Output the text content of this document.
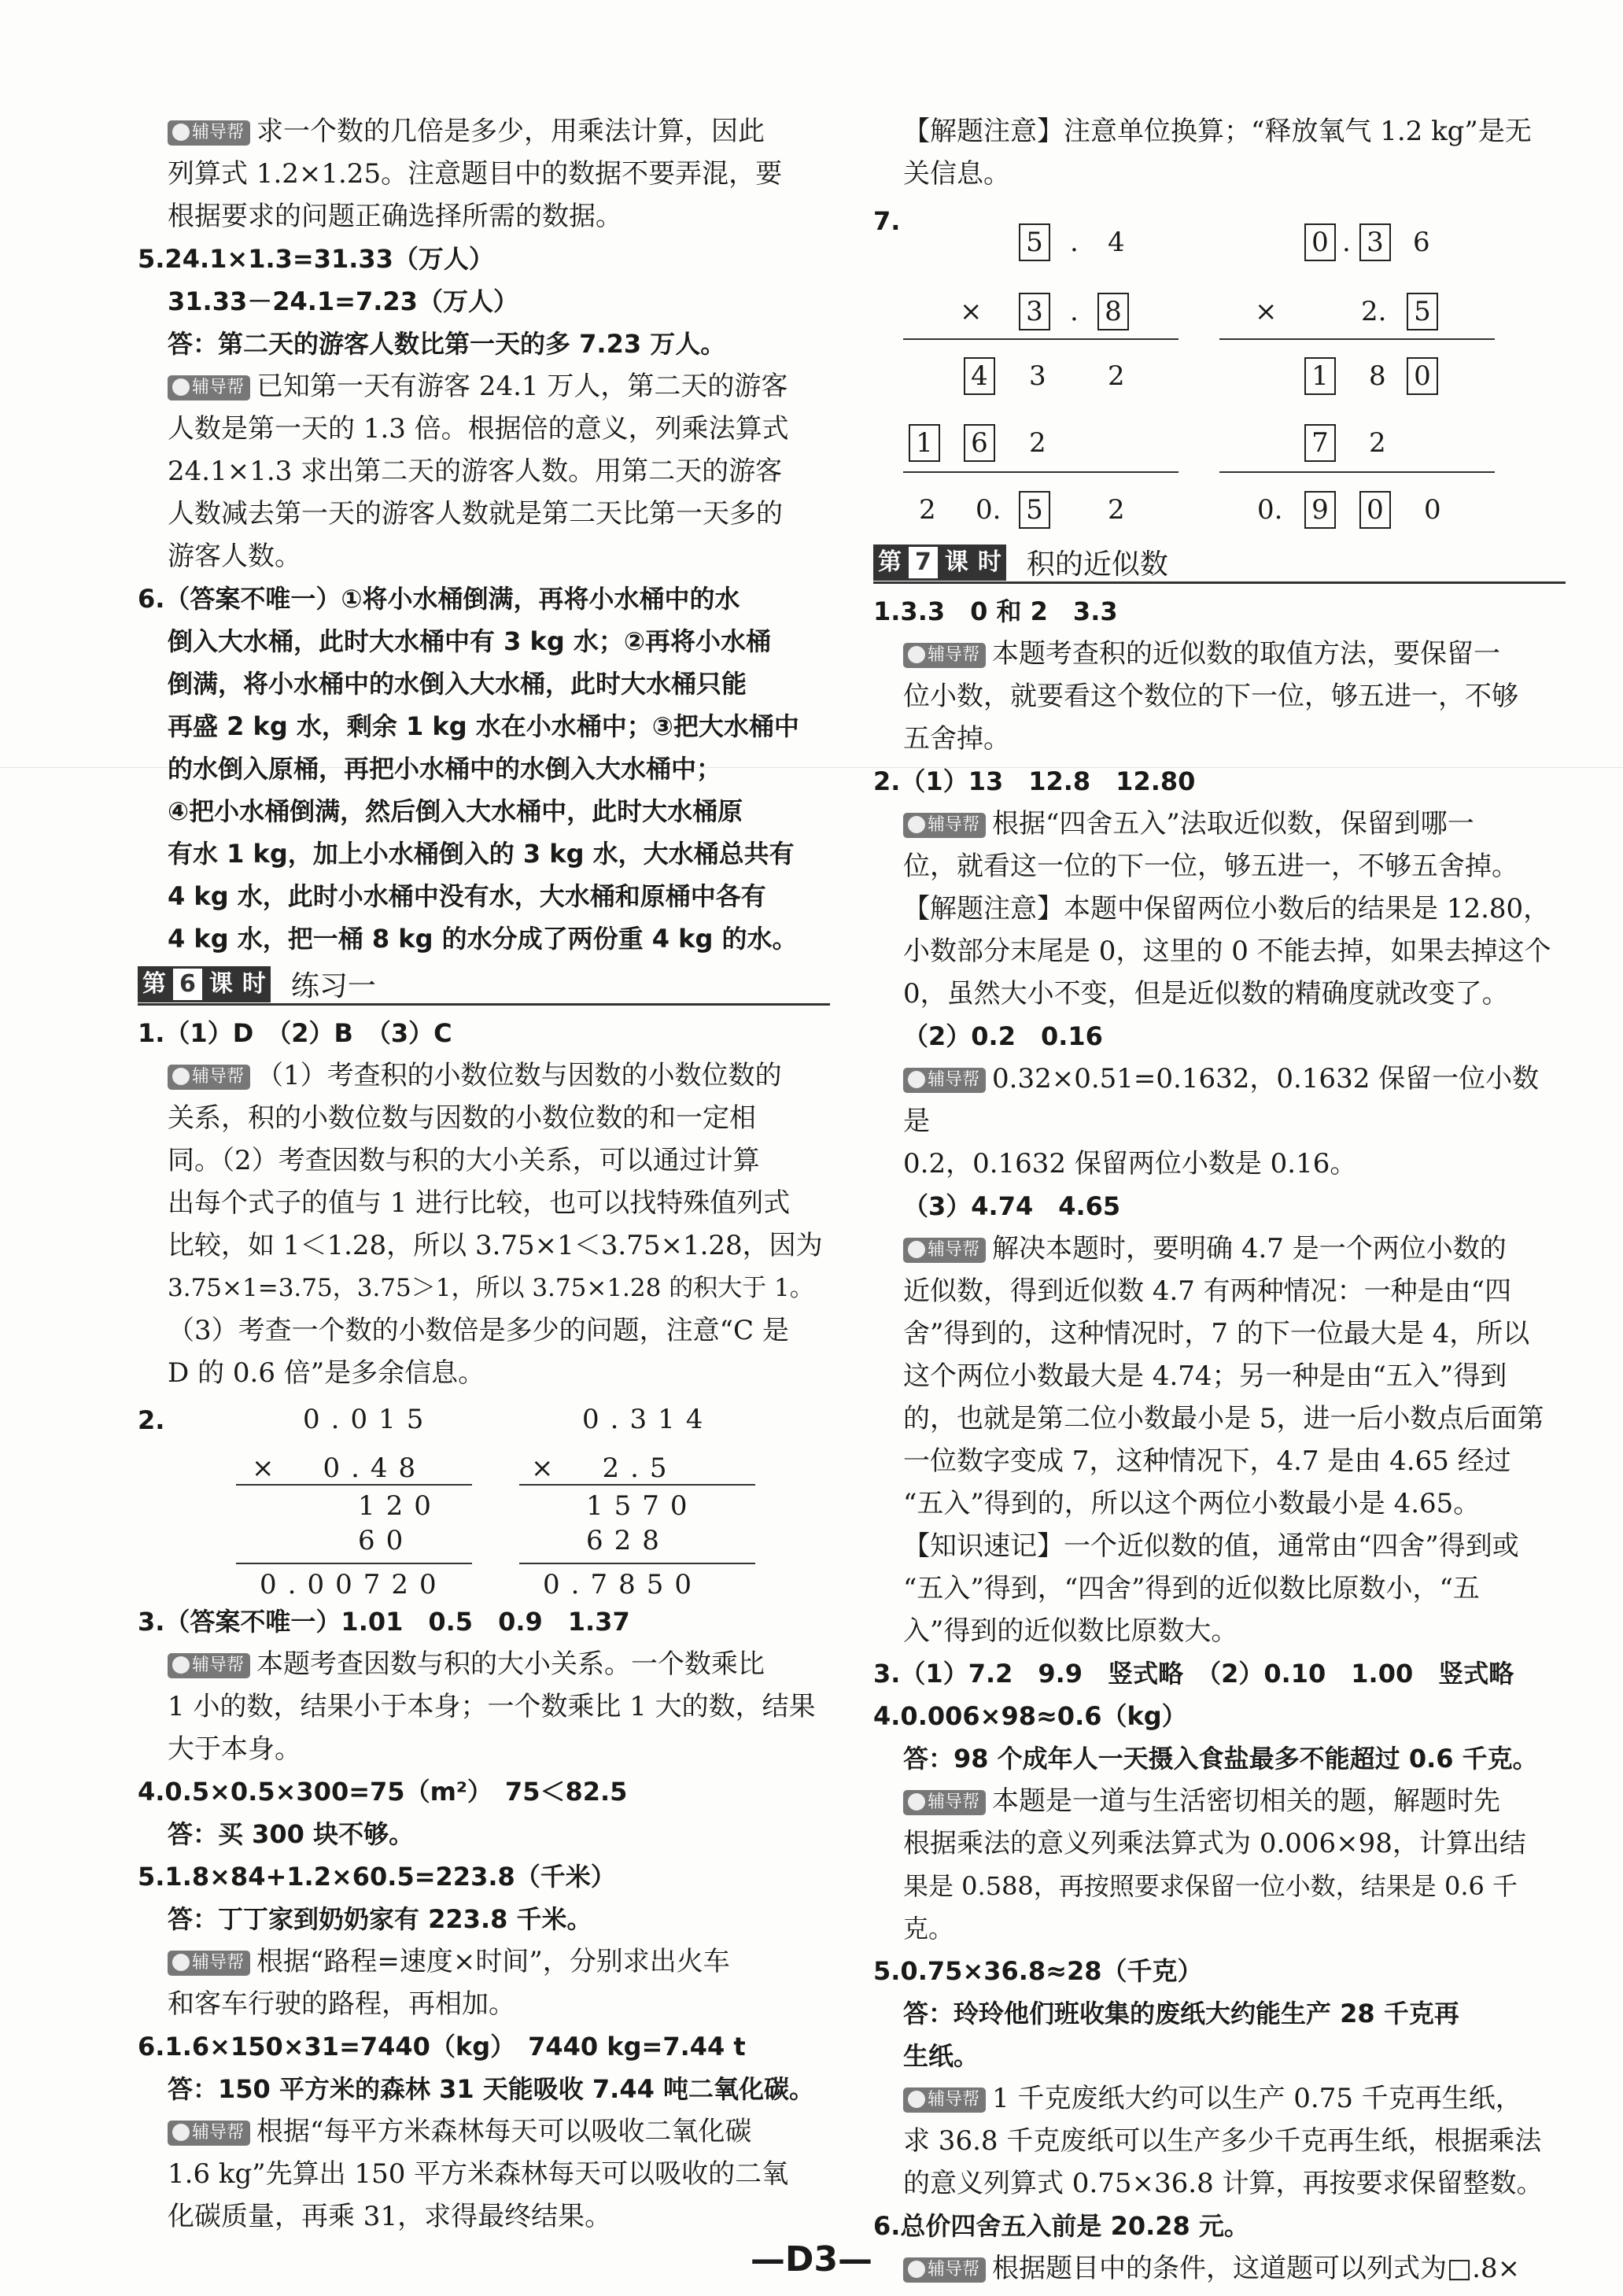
辅导帮 求一个数的几倍是多少，用乘法计算，因此
列算式 1.2×1.25。注意题目中的数据不要弄混，要
根据要求的问题正确选择所需的数据。
5.24.1×1.3=31.33（万人）
31.33－24.1=7.23（万人）
答：第二天的游客人数比第一天的多 7.23 万人。
辅导帮 已知第一天有游客 24.1 万人，第二天的游客
人数是第一天的 1.3 倍。根据倍的意义，列乘法算式
24.1×1.3 求出第二天的游客人数。用第二天的游客
人数减去第一天的游客人数就是第二天比第一天多的
游客人数。
6.（答案不唯一）①将小水桶倒满，再将小水桶中的水
倒入大水桶，此时大水桶中有 3 kg 水；②再将小水桶
倒满，将小水桶中的水倒入大水桶，此时大水桶只能
再盛 2 kg 水，剩余 1 kg 水在小水桶中；③把大水桶中
的水倒入原桶，再把小水桶中的水倒入大水桶中；
④把小水桶倒满，然后倒入大水桶中，此时大水桶原
有水 1 kg，加上小水桶倒入的 3 kg 水，大水桶总共有
4 kg 水，此时小水桶中没有水，大水桶和原桶中各有
4 kg 水，把一桶 8 kg 的水分成了两份重 4 kg 的水。
第 6 课 时 练习一
1.（1）D　（2）B　（3）C
辅导帮 （1）考查积的小数位数与因数的小数位数的
关系，积的小数位数与因数的小数位数的和一定相
同。（2）考查因数与积的大小关系，可以通过计算
出每个式子的值与 1 进行比较，也可以找特殊值列式
比较，如 1＜1.28，所以 3.75×1＜3.75×1.28，因为
3.75×1=3.75，3.75＞1，所以 3.75×1.28 的积大于 1。
（3）考查一个数的小数倍是多少的问题，注意“C 是
D 的 0.6 倍”是多余信息。
2.	0.015
×　0.48
120
60
0.00720
0.314
×　2.5
1570
628
0.7850
3.（答案不唯一）1.01　0.5　0.9　1.37
辅导帮 本题考查因数与积的大小关系。一个数乘比
1 小的数，结果小于本身；一个数乘比 1 大的数，结果
大于本身。
4.0.5×0.5×300=75（m²）　75＜82.5
答：买 300 块不够。
5.1.8×84+1.2×60.5=223.8（千米）
答：丁丁家到奶奶家有 223.8 千米。
辅导帮 根据“路程=速度×时间”，分别求出火车
和客车行驶的路程，再相加。
6.1.6×150×31=7440（kg）　7440 kg=7.44 t
答：150 平方米的森林 31 天能吸收 7.44 吨二氧化碳。
辅导帮 根据“每平方米森林每天可以吸收二氧化碳
1.6 kg”先算出 150 平方米森林每天可以吸收的二氧
化碳质量，再乘 31，求得最终结果。
【解题注意】注意单位换算；“释放氧气 1.2 kg”是无
关信息。
7.
5 . 4
× 3 . 8
4 3 2
1 6 2
2 0. 5 2
0 . 3 6
×	2. 5
1 8 0
7 2
0. 9 0 0
第 7 课 时 积的近似数
1.3.3　0 和 2　3.3
辅导帮 本题考查积的近似数的取值方法，要保留一
位小数，就要看这个数位的下一位，够五进一，不够
五舍掉。
2.（1）13　12.8　12.80
辅导帮 根据“四舍五入”法取近似数，保留到哪一
位，就看这一位的下一位，够五进一，不够五舍掉。
【解题注意】本题中保留两位小数后的结果是 12.80，
小数部分末尾是 0，这里的 0 不能去掉，如果去掉这个
0，虽然大小不变，但是近似数的精确度就改变了。
（2）0.2　0.16
辅导帮 0.32×0.51=0.1632，0.1632 保留一位小数是
0.2，0.1632 保留两位小数是 0.16。
（3）4.74　4.65
辅导帮 解决本题时，要明确 4.7 是一个两位小数的
近似数，得到近似数 4.7 有两种情况：一种是由“四
舍”得到的，这种情况时，7 的下一位最大是 4，所以
这个两位小数最大是 4.74；另一种是由“五入”得到
的，也就是第二位小数最小是 5，进一后小数点后面第
一位数字变成 7，这种情况下，4.7 是由 4.65 经过
“五入”得到的，所以这个两位小数最小是 4.65。
【知识速记】一个近似数的值，通常由“四舍”得到或
“五入”得到，“四舍”得到的近似数比原数小，“五
入”得到的近似数比原数大。
3.（1）7.2　9.9　竖式略　（2）0.10　1.00　竖式略
4.0.006×98≈0.6（kg）
答：98 个成年人一天摄入食盐最多不能超过 0.6 千克。
辅导帮 本题是一道与生活密切相关的题，解题时先
根据乘法的意义列乘法算式为 0.006×98，计算出结
果是 0.588，再按照要求保留一位小数，结果是 0.6 千克。
5.0.75×36.8≈28（千克）
答：玲玲他们班收集的废纸大约能生产 28 千克再
生纸。
辅导帮 1 千克废纸大约可以生产 0.75 千克再生纸，
求 36.8 千克废纸可以生产多少千克再生纸，根据乘法
的意义列算式 0.75×36.8 计算，再按要求保留整数。
6.总价四舍五入前是 20.28 元。
辅导帮 根据题目中的条件，这道题可以列式为□.8×
—D3—
